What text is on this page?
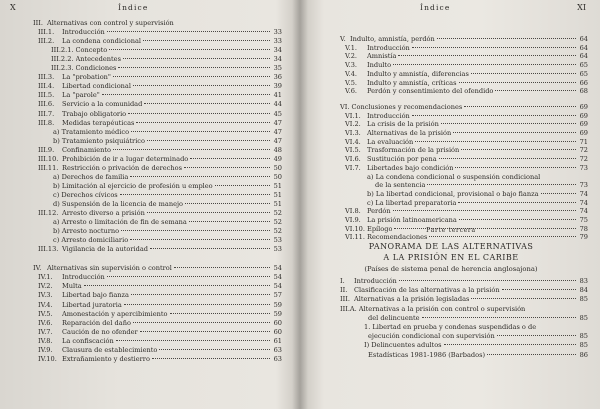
X	Índice
III. Alternativas con control y supervisión
III.1.	Introducción	33
III.2.	La condena condicional	33
III.2.1. Concepto	34
III.2.2. Antecedentes	34
III.2.3. Condiciones	35
III.3.	La "probation"	36
III.4.	Libertad condicional	39
III.5.	La "parole"	41
III.6.	Servicio a la comunidad	44
III.7.	Trabajo obligatorio	45
III.8.	Medidas terapéuticas	47
a) Tratamiento médico	47
b) Tratamiento psiquiátrico	47
III.9.	Confinamiento	48
III.10. Prohibición de ir a lugar determinado	49
III.11. Restricción o privación de derechos	50
a) Derechos de familia	50
b) Limitación al ejercicio de profesión u empleo	51
c) Derechos cívicos	51
d) Suspensión de la licencia de manejo	51
III.12. Arresto diverso a prisión	52
a) Arresto o limitación de fin de semana	52
b) Arresto nocturno	52
c) Arresto domiciliario	53
III.13. Vigilancia de la autoridad	53
IV. Alternativas sin supervisión o control	54
IV.1.	Introducción	54
IV.2.	Multa	54
IV.3.	Libertad bajo fianza	57
IV.4.	Libertad juratoria	59
IV.5.	Amonestación y apercibimiento	59
IV.6.	Reparación del daño	60
IV.7.	Caución de no ofender	60
IV.8.	La confiscación	61
IV.9.	Clausura de establecimiento	63
IV.10. Extrañamiento y destierro	63
Índice	XI
V. Indulto, amnistía, perdón	64
V.1.	Introducción	64
V.2.	Amnistía	64
V.3.	Indulto	65
V.4.	Indulto y amnistía, diferencias	65
V.5.	Indulto y amnistía, críticas	66
V.6.	Perdón y consentimiento del ofendido	68
VI. Conclusiones y recomendaciones	69
VI.1. Introducción	69
VI.2. La crisis de la prisión	69
VI.3. Alternativas de la prisión	69
VI.4. La evaluación	71
VI.5. Trasformación de la prisión	72
VI.6. Sustitución por pena	72
VI.7. Libertades bajo condición	73
a) La condena condicional o suspensión condicional
de la sentencia	73
b) La libertad condicional, provisional o bajo fianza	74
c) La libertad preparatoria	74
VI.8. Perdón	74
VI.9. La prisión latinoamericana	75
VI.10. Epílogo	78
VI.11. Recomendaciones	79
Parte tercera
PANORAMA DE LAS ALTERNATIVAS
A LA PRISIÓN EN EL CARIBE
(Países de sistema penal de herencia anglosajona)
I.	Introducción	83
II.	Clasificación de las alternativas a la prisión	84
III. Alternativas a la prisión legisladas	85
III.A. Alternativas a la prisión con control o supervisión
del delincuente	85
1. Libertad en prueba y condenas suspendidas o de
ejecución condicional con supervisión	85
I) Delincuentes adultos	85
Estadísticas 1981-1986 (Barbados)	86
